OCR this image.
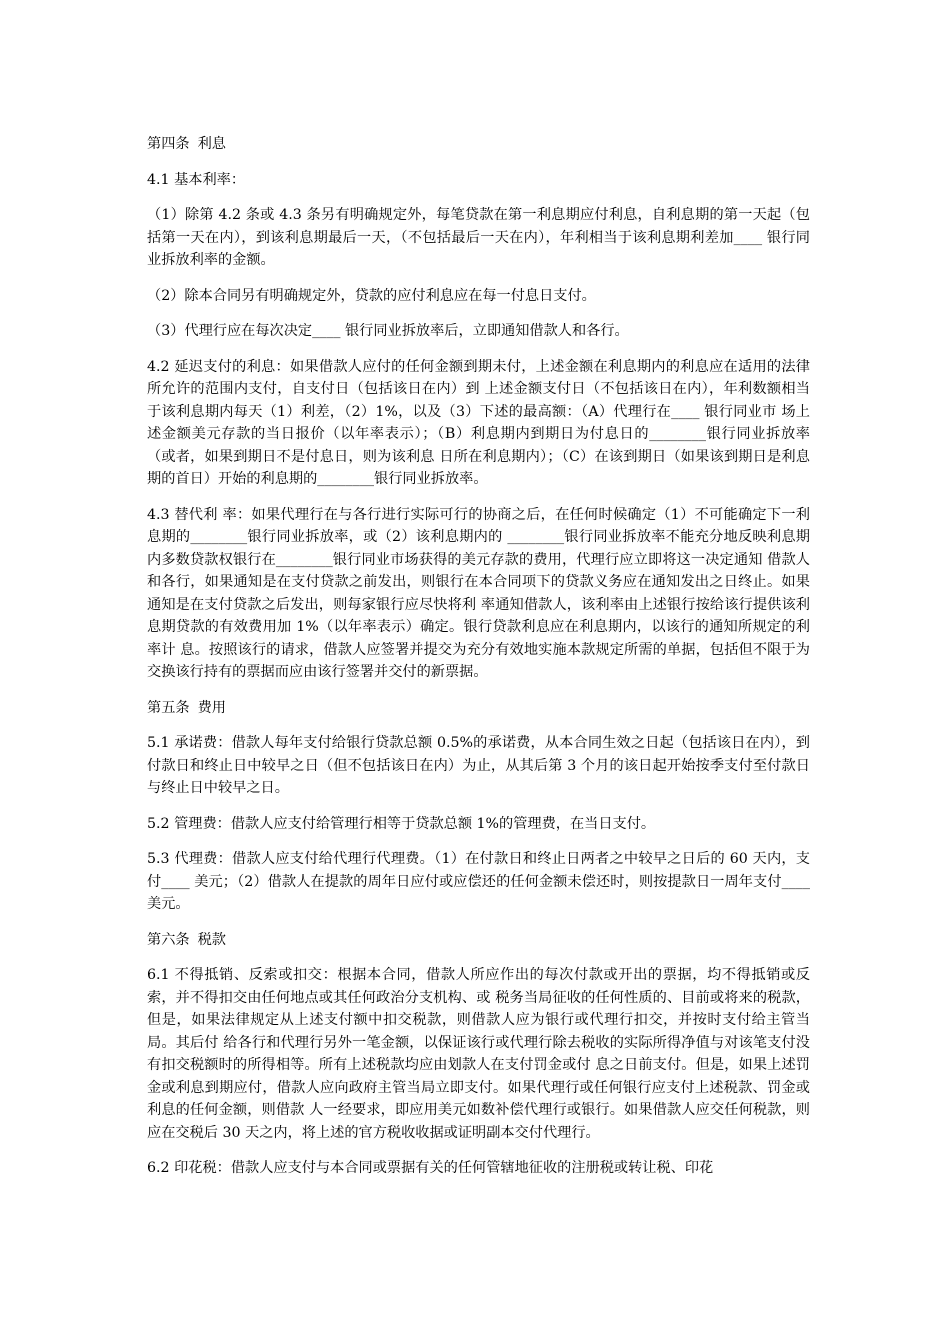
第四条 利息

4.1 基本利率：

（1）除第 4.2 条或 4.3 条另有明确规定外，每笔贷款在第一利息期应付利息，自利息期的第一天起（包括第一天在内），到该利息期最后一天，（不包括最后一天在内），年利相当于该利息期利差加____ 银行同业拆放利率的金额。

（2）除本合同另有明确规定外，贷款的应付利息应在每一付息日支付。

（3）代理行应在每次决定____ 银行同业拆放率后，立即通知借款人和各行。

4.2 延迟支付的利息：如果借款人应付的任何金额到期未付，上述金额在利息期内的利息应在适用的法律所允许的范围内支付，自支付日（包括该日在内）到 上述金额支付日（不包括该日在内），年利数额相当于该利息期内每天（1）利差，（2）1%，以及（3）下述的最高额：（A）代理行在____ 银行同业市 场上述金额美元存款的当日报价（以年率表示）；（B）利息期内到期日为付息日的________银行同业拆放率（或者，如果到期日不是付息日，则为该利息 日所在利息期内）；（C）在该到期日（如果该到期日是利息期的首日）开始的利息期的________银行同业拆放率。

4.3 替代利 率：如果代理行在与各行进行实际可行的协商之后，在任何时候确定（1）不可能确定下一利息期的________银行同业拆放率，或（2）该利息期内的 ________银行同业拆放率不能充分地反映利息期内多数贷款权银行在________银行同业市场获得的美元存款的费用，代理行应立即将这一决定通知 借款人和各行，如果通知是在支付贷款之前发出，则银行在本合同项下的贷款义务应在通知发出之日终止。如果通知是在支付贷款之后发出，则每家银行应尽快将利 率通知借款人，该利率由上述银行按给该行提供该利息期贷款的有效费用加 1%（以年率表示）确定。银行贷款利息应在利息期内，以该行的通知所规定的利率计 息。按照该行的请求，借款人应签署并提交为充分有效地实施本款规定所需的单据，包括但不限于为交换该行持有的票据而应由该行签署并交付的新票据。

第五条 费用

5.1 承诺费：借款人每年支付给银行贷款总额 0.5%的承诺费，从本合同生效之日起（包括该日在内），到付款日和终止日中较早之日（但不包括该日在内）为止，从其后第 3 个月的该日起开始按季支付至付款日与终止日中较早之日。

5.2 管理费：借款人应支付给管理行相等于贷款总额 1%的管理费，在当日支付。

5.3 代理费：借款人应支付给代理行代理费。（1）在付款日和终止日两者之中较早之日后的 60 天内，支付____ 美元；（2）借款人在提款的周年日应付或应偿还的任何金额未偿还时，则按提款日一周年支付____ 美元。

第六条 税款

6.1 不得抵销、反索或扣交：根据本合同，借款人所应作出的每次付款或开出的票据，均不得抵销或反索，并不得扣交由任何地点或其任何政治分支机构、或 税务当局征收的任何性质的、目前或将来的税款，但是，如果法律规定从上述支付额中扣交税款，则借款人应为银行或代理行扣交，并按时支付给主管当局。其后付 给各行和代理行另外一笔金额，以保证该行或代理行除去税收的实际所得净值与对该笔支付没有扣交税额时的所得相等。所有上述税款均应由划款人在支付罚金或付 息之日前支付。但是，如果上述罚金或利息到期应付，借款人应向政府主管当局立即支付。如果代理行或任何银行应支付上述税款、罚金或利息的任何金额，则借款 人一经要求，即应用美元如数补偿代理行或银行。如果借款人应交任何税款，则应在交税后 30 天之内，将上述的官方税收收据或证明副本交付代理行。

6.2 印花税：借款人应支付与本合同或票据有关的任何管辖地征收的注册税或转让税、印花
